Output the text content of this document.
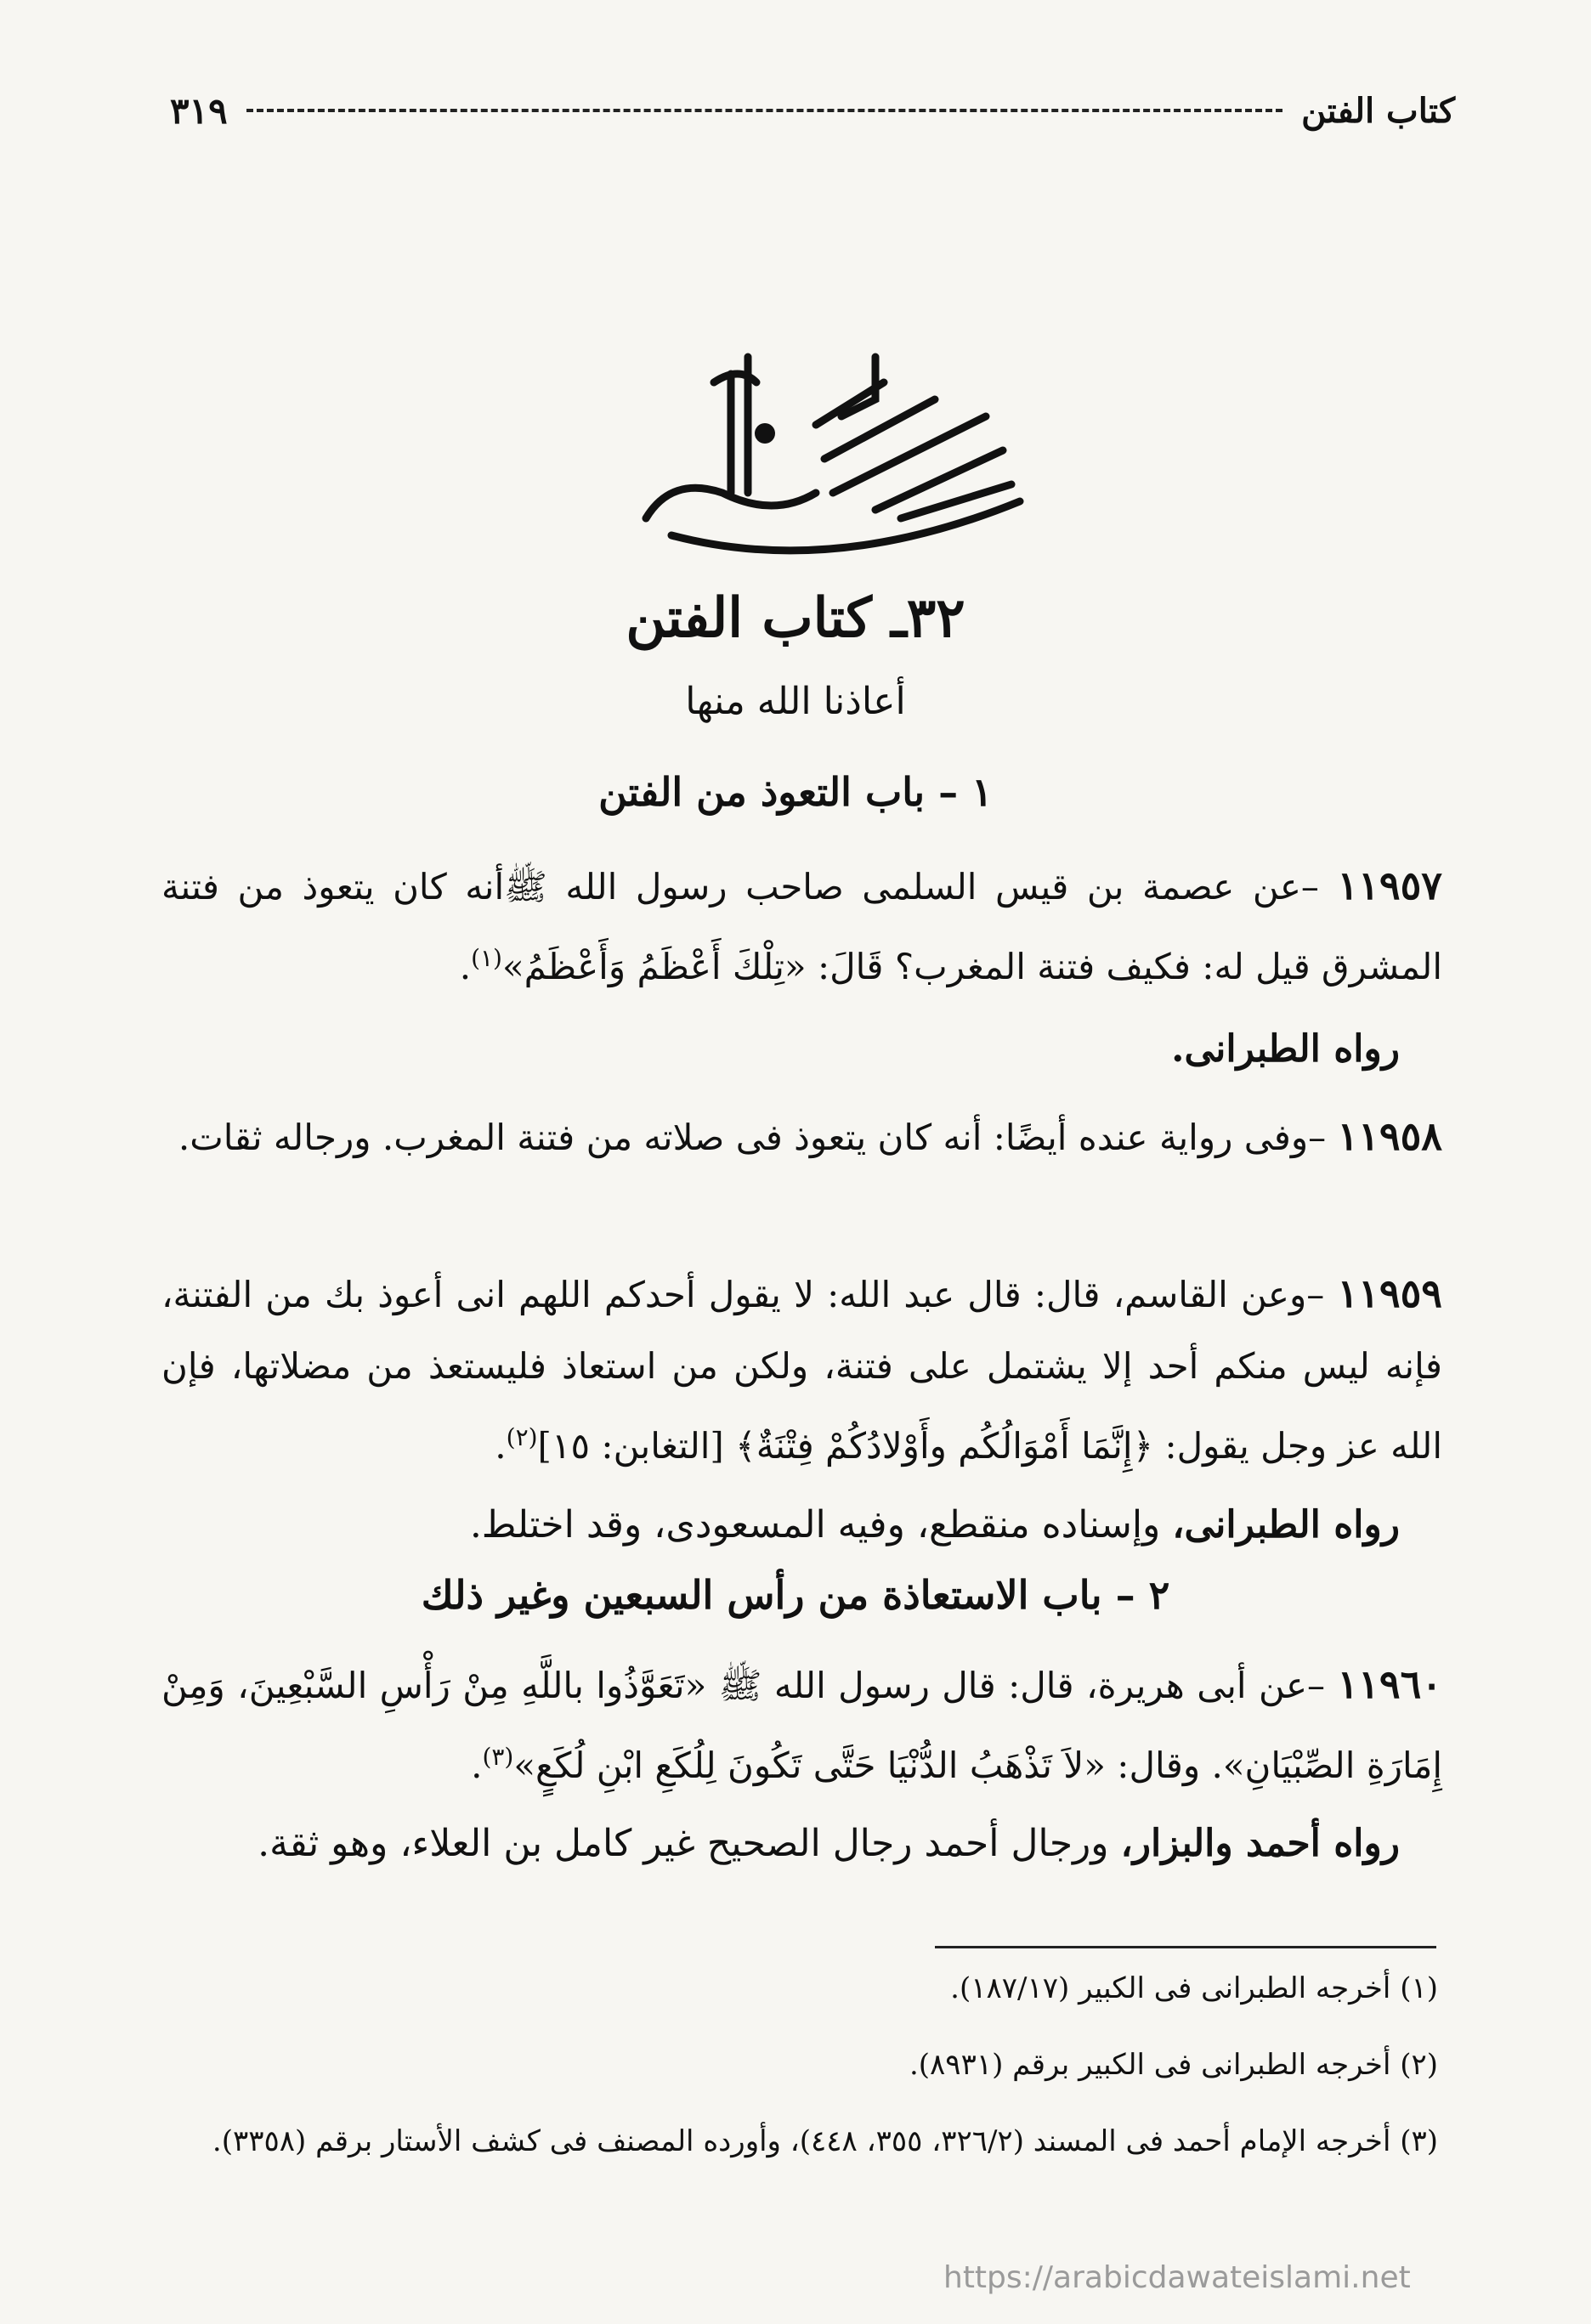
كتاب الفتن
٣١٩
٣٢ـ كتاب الفتن
أعاذنا الله منها
١ – باب التعوذ من الفتن
١١٩٥٧ –عن عصمة بن قيس السلمى صاحب رسول الله ﷺأنه كان يتعوذ من فتنة المشرق قيل له: فكيف فتنة المغرب؟ قَالَ: «تِلْكَ أَعْظَمُ وَأَعْظَمُ»$^{(١)}$.
رواه الطبرانى.
١١٩٥٨ –وفى رواية عنده أيضًا: أنه كان يتعوذ فى صلاته من فتنة المغرب. ورجاله ثقات.
١١٩٥٩ –وعن القاسم، قال: قال عبد الله: لا يقول أحدكم اللهم انى أعوذ بك من الفتنة، فإنه ليس منكم أحد إلا يشتمل على فتنة، ولكن من استعاذ فليستعذ من مضلاتها، فإن الله عز وجل يقول: ﴿إِنَّمَا أَمْوَالُكُم وأَوْلادُكُمْ فِتْنَةٌ﴾ [التغابن: ١٥]$^{(٢)}$.
رواه الطبرانى، وإسناده منقطع، وفيه المسعودى، وقد اختلط.
٢ – باب الاستعاذة من رأس السبعين وغير ذلك
١١٩٦٠ –عن أبى هريرة، قال: قال رسول الله ﷺ «تَعَوَّذُوا باللَّهِ مِنْ رَأْسِ السَّبْعِينَ، وَمِنْ إِمَارَةِ الصِّبْيَانِ». وقال: «لاَ تَذْهَبُ الدُّنْيَا حَتَّى تَكُونَ لِلُكَعِ ابْنِ لُكَعٍ»$^{(٣)}$.
رواه أحمد والبزار، ورجال أحمد رجال الصحيح غير كامل بن العلاء، وهو ثقة.
(١) أخرجه الطبرانى فى الكبير (١٨٧/١٧).
(٢) أخرجه الطبرانى فى الكبير برقم (٨٩٣١).
(٣) أخرجه الإمام أحمد فى المسند (٣٢٦/٢، ٣٥٥، ٤٤٨)، وأورده المصنف فى كشف الأستار برقم (٣٣٥٨).
https://arabicdawateislami.net
